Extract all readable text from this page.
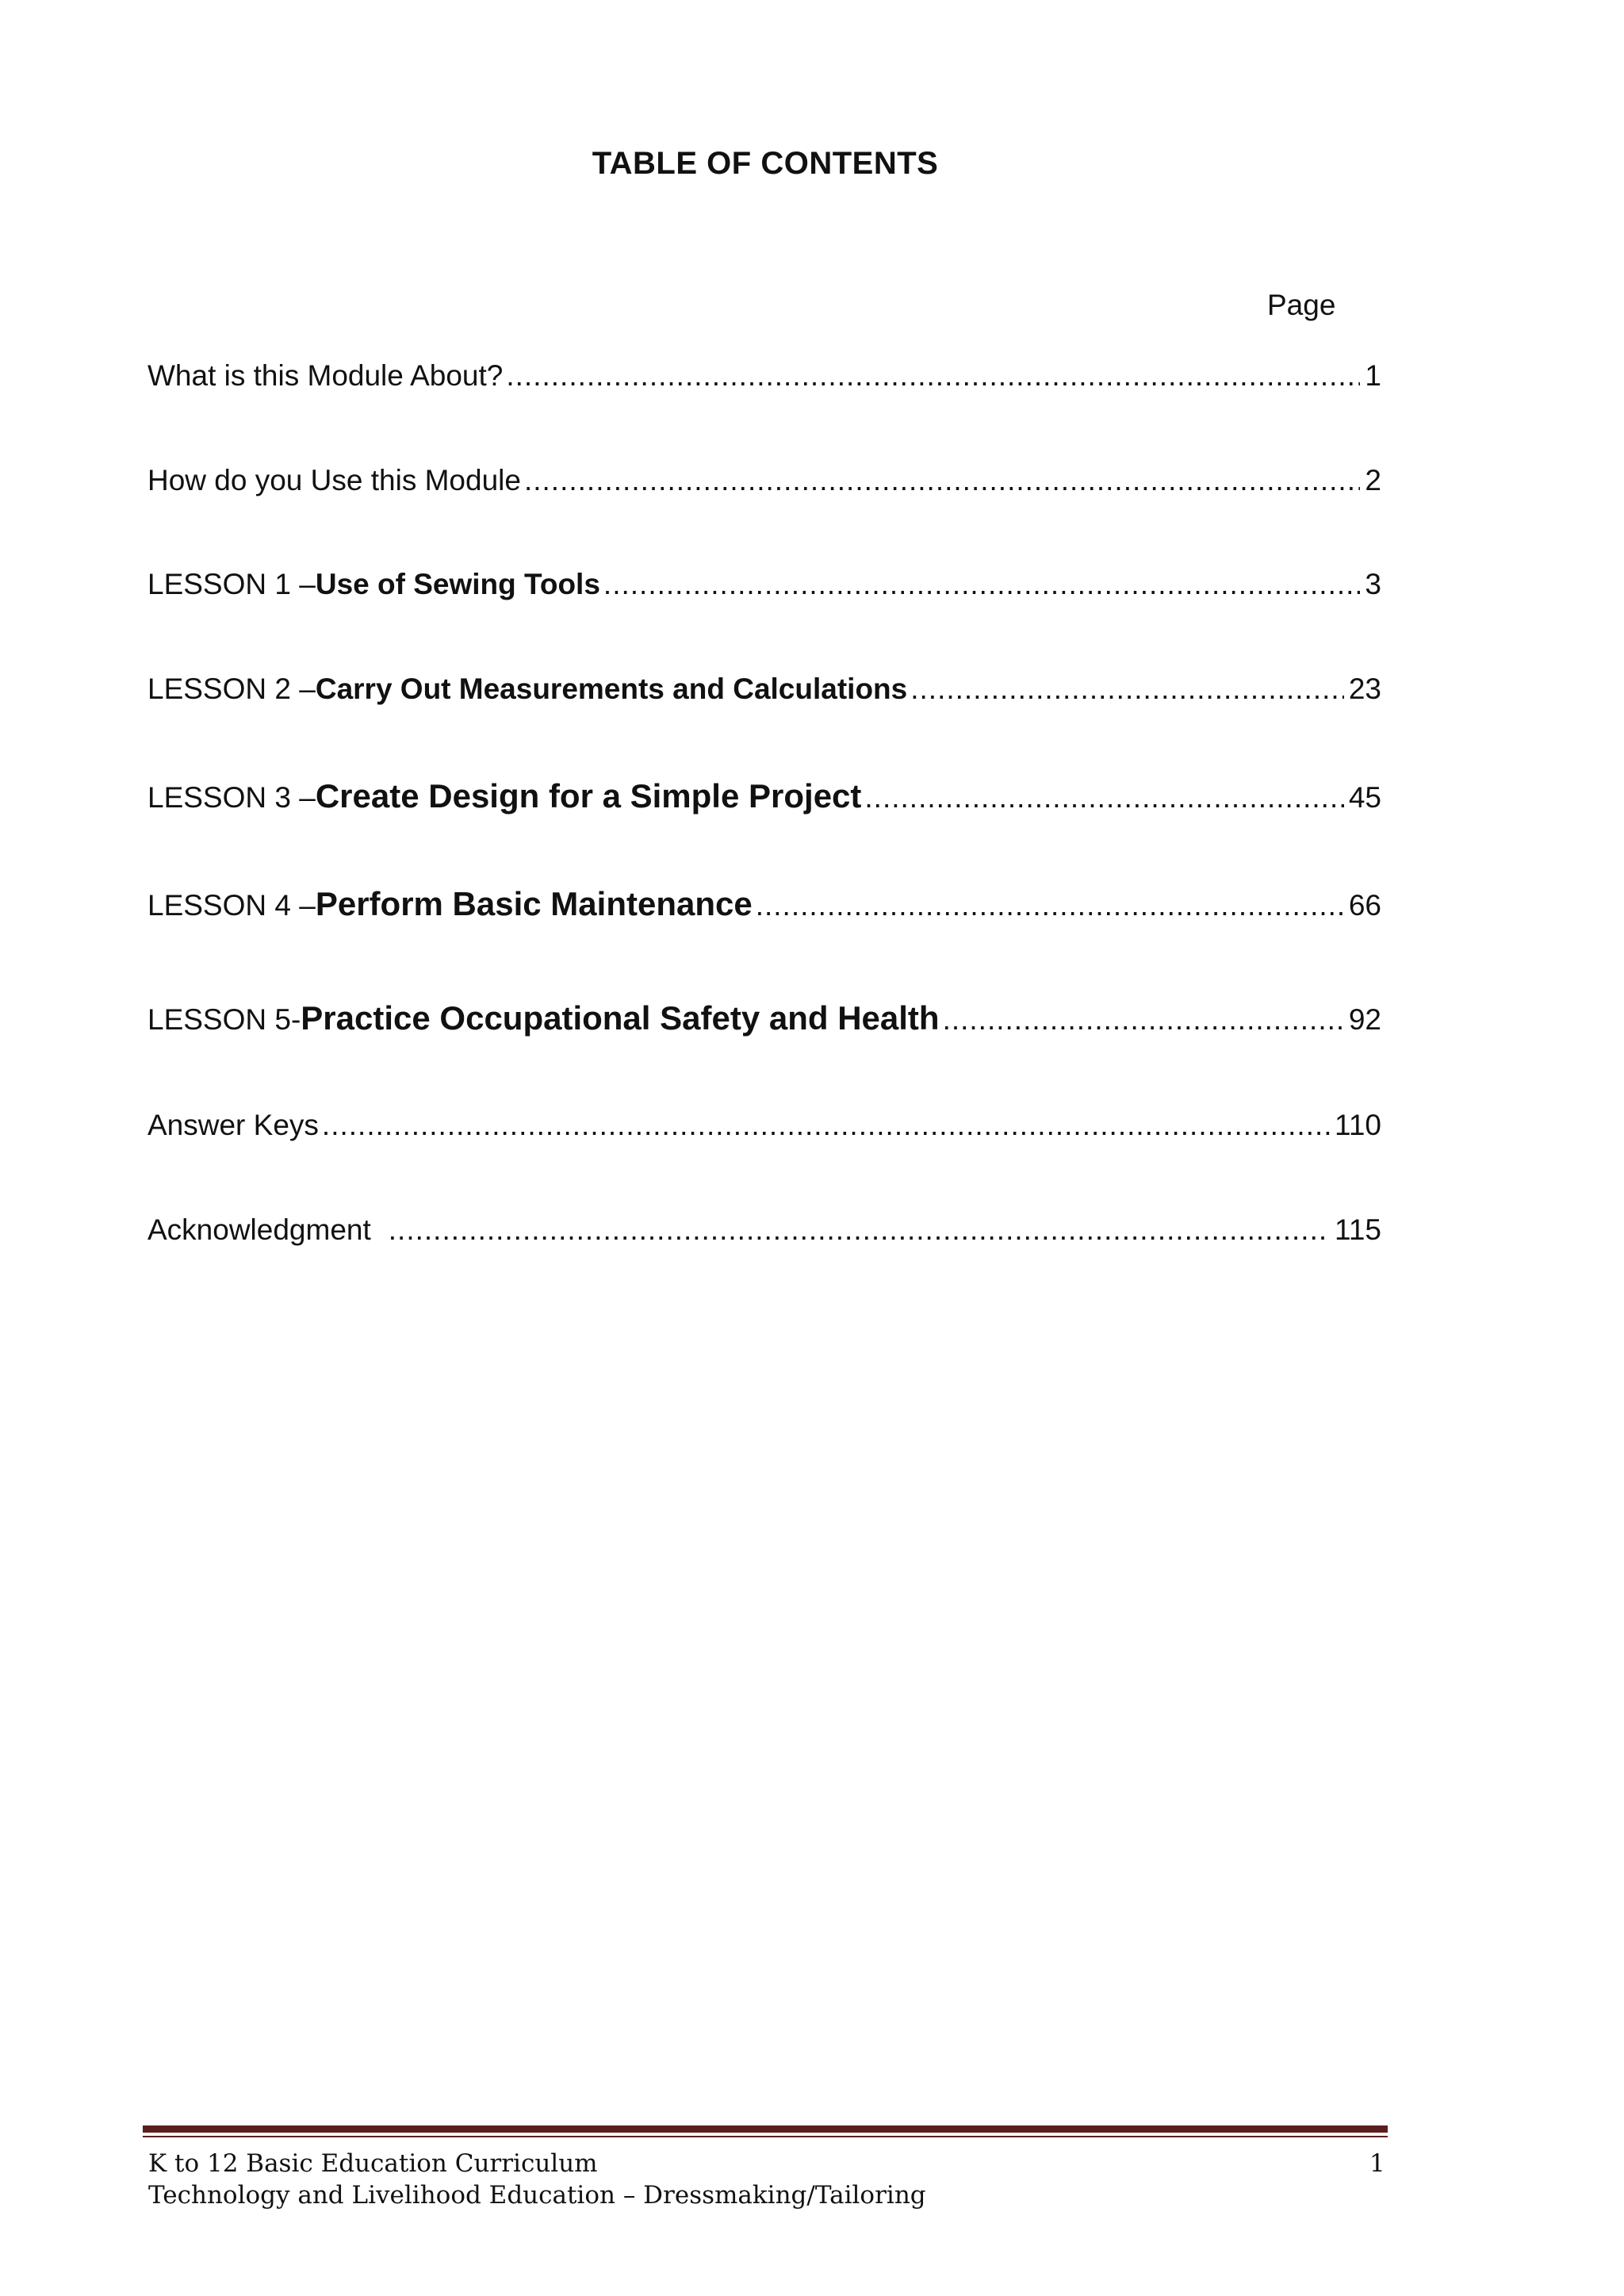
TABLE OF CONTENTS
Page
What is this Module About? .....	1
How do you Use this Module .....	2
LESSON 1 – Use of Sewing Tools .....	3
LESSON 2 – Carry Out Measurements and Calculations .....	23
LESSON 3 – Create Design for a Simple Project .....	45
LESSON 4 – Perform Basic Maintenance .....	66
LESSON 5- Practice Occupational Safety and Health .....	92
Answer Keys .....	110
Acknowledgment .....	115
K to 12 Basic Education Curriculum
Technology and Livelihood Education – Dressmaking/Tailoring
1
